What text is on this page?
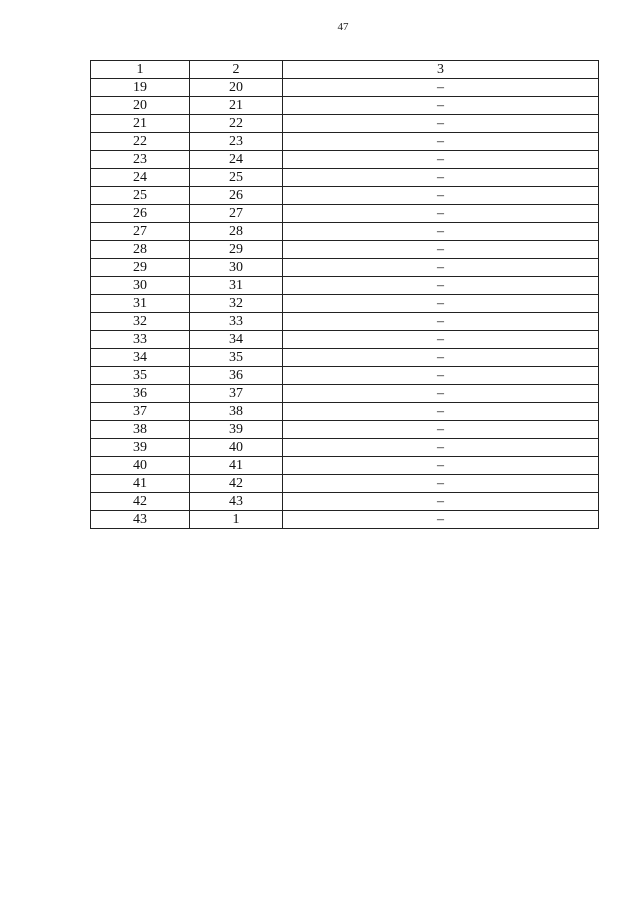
47
1	2	3
19	20	–
20	21	–
21	22	–
22	23	–
23	24	–
24	25	–
25	26	–
26	27	–
27	28	–
28	29	–
29	30	–
30	31	–
31	32	–
32	33	–
33	34	–
34	35	–
35	36	–
36	37	–
37	38	–
38	39	–
39	40	–
40	41	–
41	42	–
42	43	–
43	1	–
